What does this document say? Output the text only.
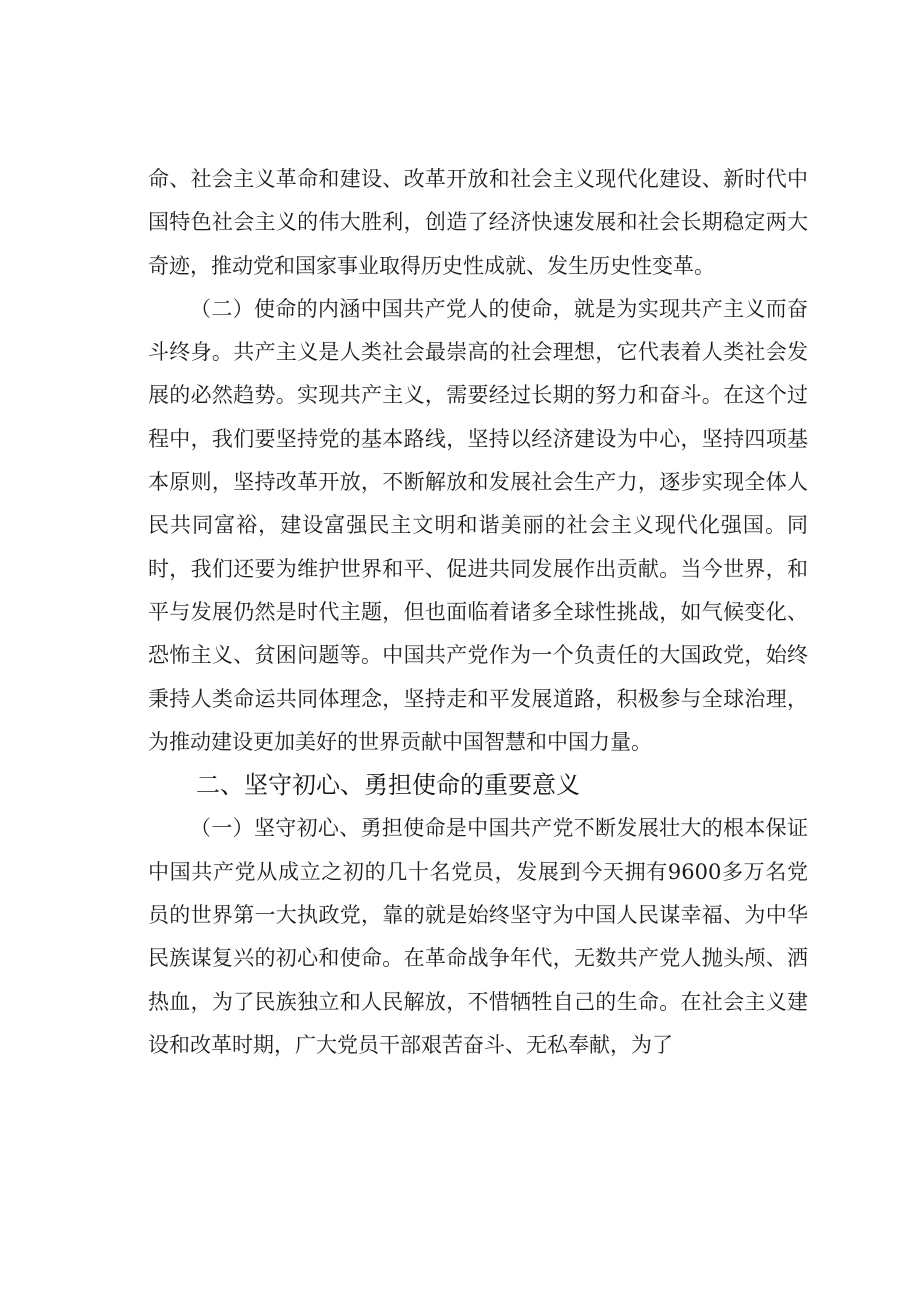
命、社会主义革命和建设、改革开放和社会主义现代化建设、新时代中国特色社会主义的伟大胜利，创造了经济快速发展和社会长期稳定两大奇迹，推动党和国家事业取得历史性成就、发生历史性变革。

（二）使命的内涵中国共产党人的使命，就是为实现共产主义而奋斗终身。共产主义是人类社会最崇高的社会理想，它代表着人类社会发展的必然趋势。实现共产主义，需要经过长期的努力和奋斗。在这个过程中，我们要坚持党的基本路线，坚持以经济建设为中心，坚持四项基本原则，坚持改革开放，不断解放和发展社会生产力，逐步实现全体人民共同富裕，建设富强民主文明和谐美丽的社会主义现代化强国。同时，我们还要为维护世界和平、促进共同发展作出贡献。当今世界，和平与发展仍然是时代主题，但也面临着诸多全球性挑战，如气候变化、恐怖主义、贫困问题等。中国共产党作为一个负责任的大国政党，始终秉持人类命运共同体理念，坚持走和平发展道路，积极参与全球治理，为推动建设更加美好的世界贡献中国智慧和中国力量。

二、坚守初心、勇担使命的重要意义

（一）坚守初心、勇担使命是中国共产党不断发展壮大的根本保证中国共产党从成立之初的几十名党员，发展到今天拥有9600多万名党员的世界第一大执政党，靠的就是始终坚守为中国人民谋幸福、为中华民族谋复兴的初心和使命。在革命战争年代，无数共产党人抛头颅、洒热血，为了民族独立和人民解放，不惜牺牲自己的生命。在社会主义建设和改革时期，广大党员干部艰苦奋斗、无私奉献，为了
